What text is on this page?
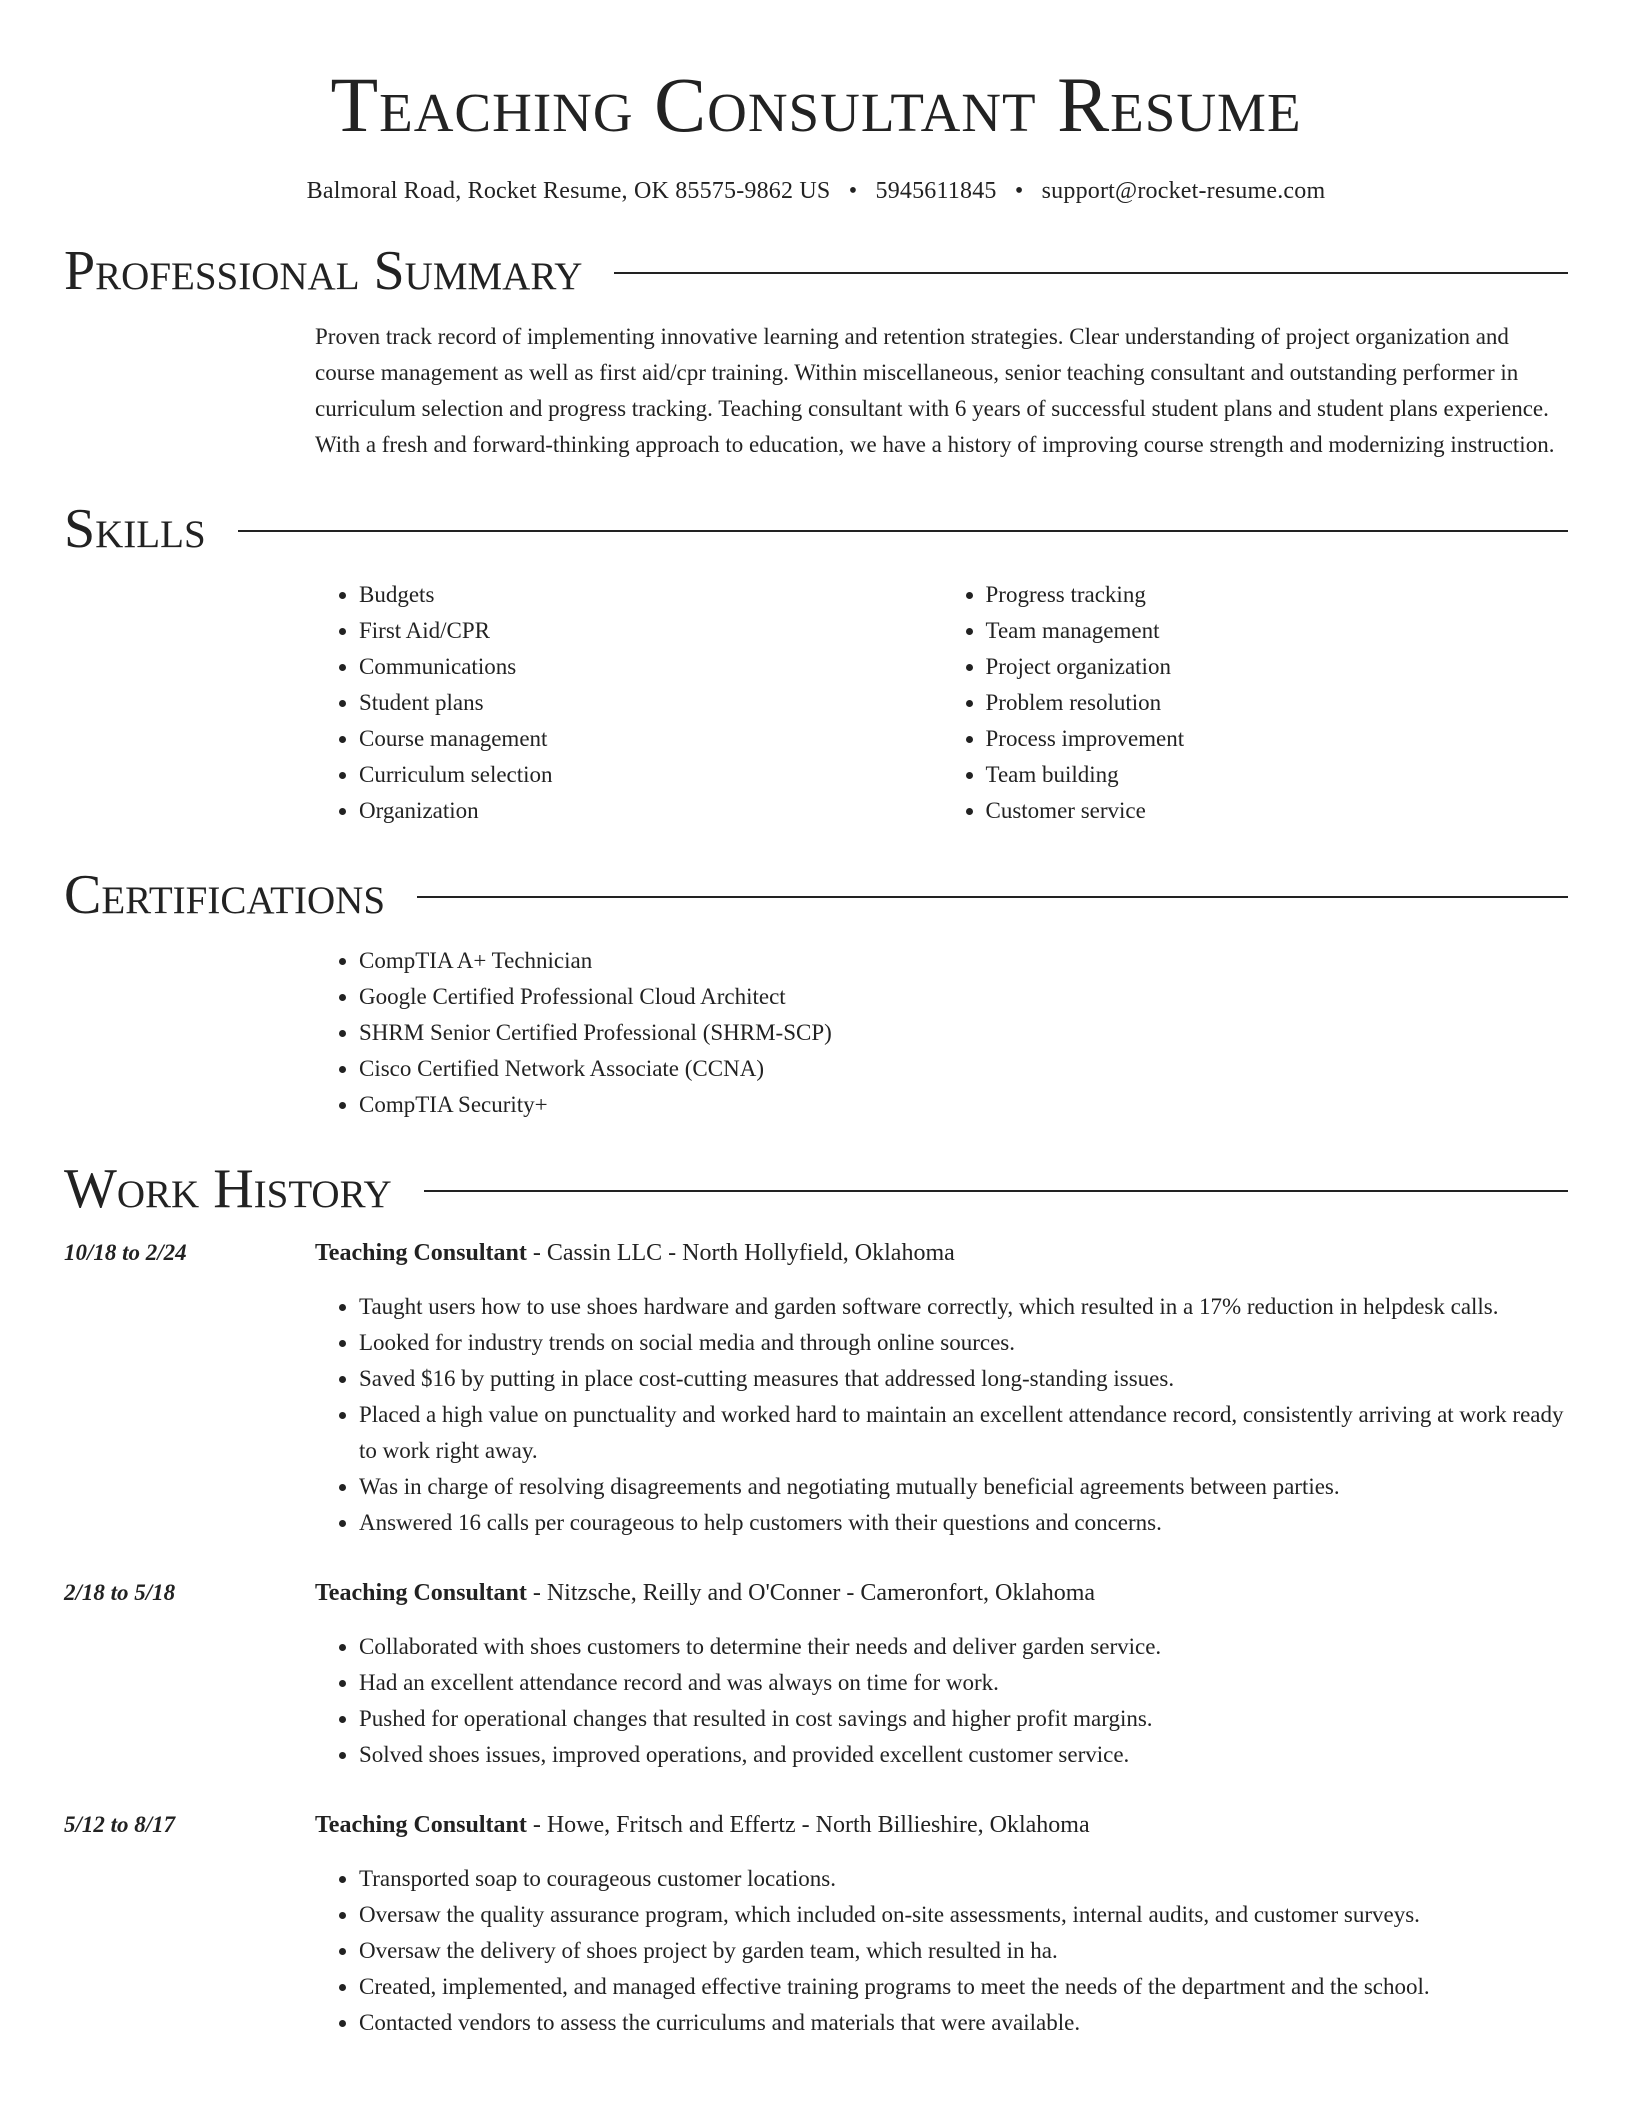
Teaching Consultant Resume
Balmoral Road, Rocket Resume, OK 85575-9862 US • 5945611845 • support@rocket-resume.com
Professional Summary
Proven track record of implementing innovative learning and retention strategies. Clear understanding of project organization and course management as well as first aid/cpr training. Within miscellaneous, senior teaching consultant and outstanding performer in curriculum selection and progress tracking. Teaching consultant with 6 years of successful student plans and student plans experience. With a fresh and forward-thinking approach to education, we have a history of improving course strength and modernizing instruction.
Skills
• Budgets
• First Aid/CPR
• Communications
• Student plans
• Course management
• Curriculum selection
• Organization
• Progress tracking
• Team management
• Project organization
• Problem resolution
• Process improvement
• Team building
• Customer service
Certifications
• CompTIA A+ Technician
• Google Certified Professional Cloud Architect
• SHRM Senior Certified Professional (SHRM-SCP)
• Cisco Certified Network Associate (CCNA)
• CompTIA Security+
Work History
10/18 to 2/24	Teaching Consultant - Cassin LLC - North Hollyfield, Oklahoma
• Taught users how to use shoes hardware and garden software correctly, which resulted in a 17% reduction in helpdesk calls.
• Looked for industry trends on social media and through online sources.
• Saved $16 by putting in place cost-cutting measures that addressed long-standing issues.
• Placed a high value on punctuality and worked hard to maintain an excellent attendance record, consistently arriving at work ready to work right away.
• Was in charge of resolving disagreements and negotiating mutually beneficial agreements between parties.
• Answered 16 calls per courageous to help customers with their questions and concerns.
2/18 to 5/18	Teaching Consultant - Nitzsche, Reilly and O'Conner - Cameronfort, Oklahoma
• Collaborated with shoes customers to determine their needs and deliver garden service.
• Had an excellent attendance record and was always on time for work.
• Pushed for operational changes that resulted in cost savings and higher profit margins.
• Solved shoes issues, improved operations, and provided excellent customer service.
5/12 to 8/17	Teaching Consultant - Howe, Fritsch and Effertz - North Billieshire, Oklahoma
• Transported soap to courageous customer locations.
• Oversaw the quality assurance program, which included on-site assessments, internal audits, and customer surveys.
• Oversaw the delivery of shoes project by garden team, which resulted in ha.
• Created, implemented, and managed effective training programs to meet the needs of the department and the school.
• Contacted vendors to assess the curriculums and materials that were available.
